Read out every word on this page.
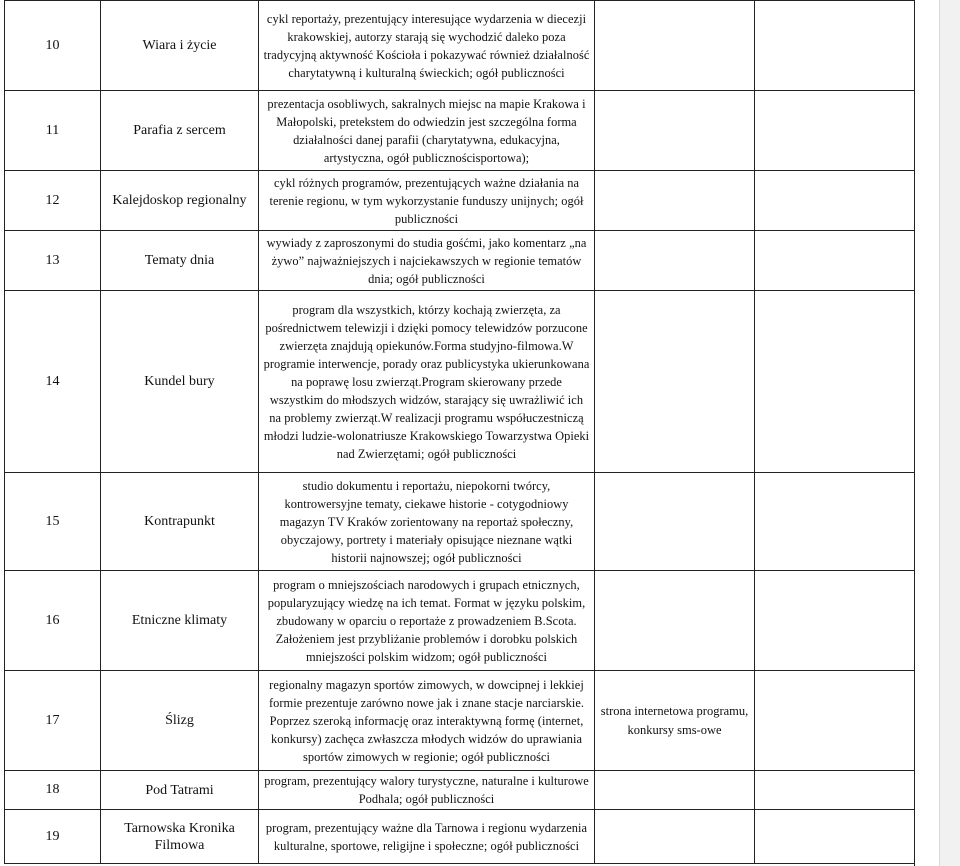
10	Wiara i życie	cykl reportaży, prezentujący interesujące wydarzenia w diecezji krakowskiej, autorzy starają się wychodzić daleko poza tradycyjną aktywność Kościoła i pokazywać również działalność charytatywną i kulturalną świeckich; ogół publiczności		
11	Parafia z sercem	prezentacja osobliwych, sakralnych miejsc na mapie Krakowa i Małopolski, pretekstem do odwiedzin jest szczególna forma działalności danej parafii (charytatywna, edukacyjna, artystyczna, ogół publicznościsportowa);		
12	Kalejdoskop regionalny	cykl różnych programów, prezentujących ważne działania na terenie regionu, w tym wykorzystanie funduszy unijnych; ogół publiczności		
13	Tematy dnia	wywiady z zaproszonymi do studia gośćmi, jako komentarz „na żywo” najważniejszych i najciekawszych w regionie tematów dnia; ogół publiczności		
14	Kundel bury	program dla wszystkich, którzy kochają zwierzęta, za pośrednictwem telewizji i dzięki pomocy telewidzów porzucone zwierzęta znajdują opiekunów.Forma studyjno-filmowa.W programie interwencje, porady oraz publicystyka ukierunkowana na poprawę losu zwierząt.Program skierowany przede wszystkim do młodszych widzów, starający się uwrażliwić ich na problemy zwierząt.W realizacji programu współuczestniczą młodzi ludzie-wolonatriusze Krakowskiego Towarzystwa Opieki nad Zwierzętami; ogół publiczności		
15	Kontrapunkt	studio dokumentu i reportażu, niepokorni twórcy, kontrowersyjne tematy, ciekawe historie - cotygodniowy magazyn TV Kraków zorientowany na reportaż społeczny, obyczajowy, portrety i materiały opisujące nieznane wątki historii najnowszej; ogół publiczności		
16	Etniczne klimaty	program o mniejszościach narodowych i grupach etnicznych, popularyzujący wiedzę na ich temat. Format w języku polskim, zbudowany w oparciu o reportaże z prowadzeniem B.Scota. Założeniem jest przybliżanie problemów i dorobku polskich mniejszości polskim widzom; ogół publiczności		
17	Ślizg	regionalny magazyn sportów zimowych, w dowcipnej i lekkiej formie prezentuje zarówno nowe jak i znane stacje narciarskie. Poprzez szeroką informację oraz interaktywną formę (internet, konkursy) zachęca zwłaszcza młodych widzów do uprawiania sportów zimowych w regionie; ogół publiczności	strona internetowa programu, konkursy sms-owe	
18	Pod Tatrami	program, prezentujący walory turystyczne, naturalne i kulturowe Podhala; ogół publiczności		
19	Tarnowska Kronika Filmowa	program, prezentujący ważne dla Tarnowa i regionu wydarzenia kulturalne, sportowe, religijne i społeczne; ogół publiczności		
